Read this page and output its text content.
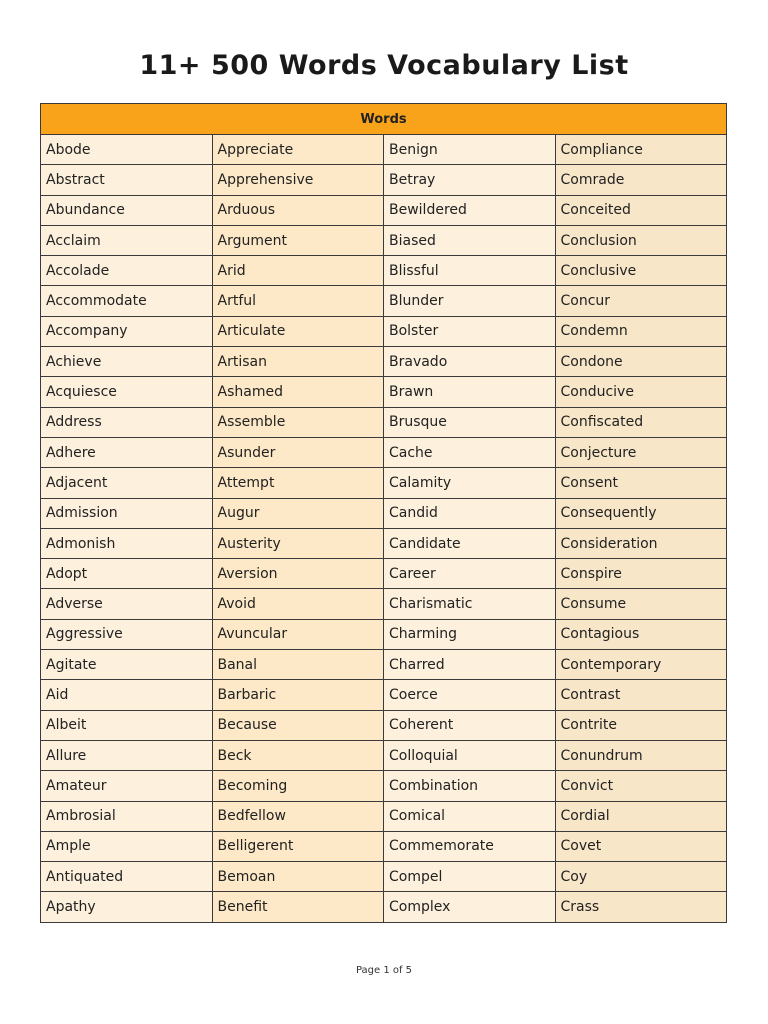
11+ 500 Words Vocabulary List
Words			
Abode	Appreciate	Benign	Compliance
Abstract	Apprehensive	Betray	Comrade
Abundance	Arduous	Bewildered	Conceited
Acclaim	Argument	Biased	Conclusion
Accolade	Arid	Blissful	Conclusive
Accommodate	Artful	Blunder	Concur
Accompany	Articulate	Bolster	Condemn
Achieve	Artisan	Bravado	Condone
Acquiesce	Ashamed	Brawn	Conducive
Address	Assemble	Brusque	Confiscated
Adhere	Asunder	Cache	Conjecture
Adjacent	Attempt	Calamity	Consent
Admission	Augur	Candid	Consequently
Admonish	Austerity	Candidate	Consideration
Adopt	Aversion	Career	Conspire
Adverse	Avoid	Charismatic	Consume
Aggressive	Avuncular	Charming	Contagious
Agitate	Banal	Charred	Contemporary
Aid	Barbaric	Coerce	Contrast
Albeit	Because	Coherent	Contrite
Allure	Beck	Colloquial	Conundrum
Amateur	Becoming	Combination	Convict
Ambrosial	Bedfellow	Comical	Cordial
Ample	Belligerent	Commemorate	Covet
Antiquated	Bemoan	Compel	Coy
Apathy	Benefit	Complex	Crass
Page 1 of 5
